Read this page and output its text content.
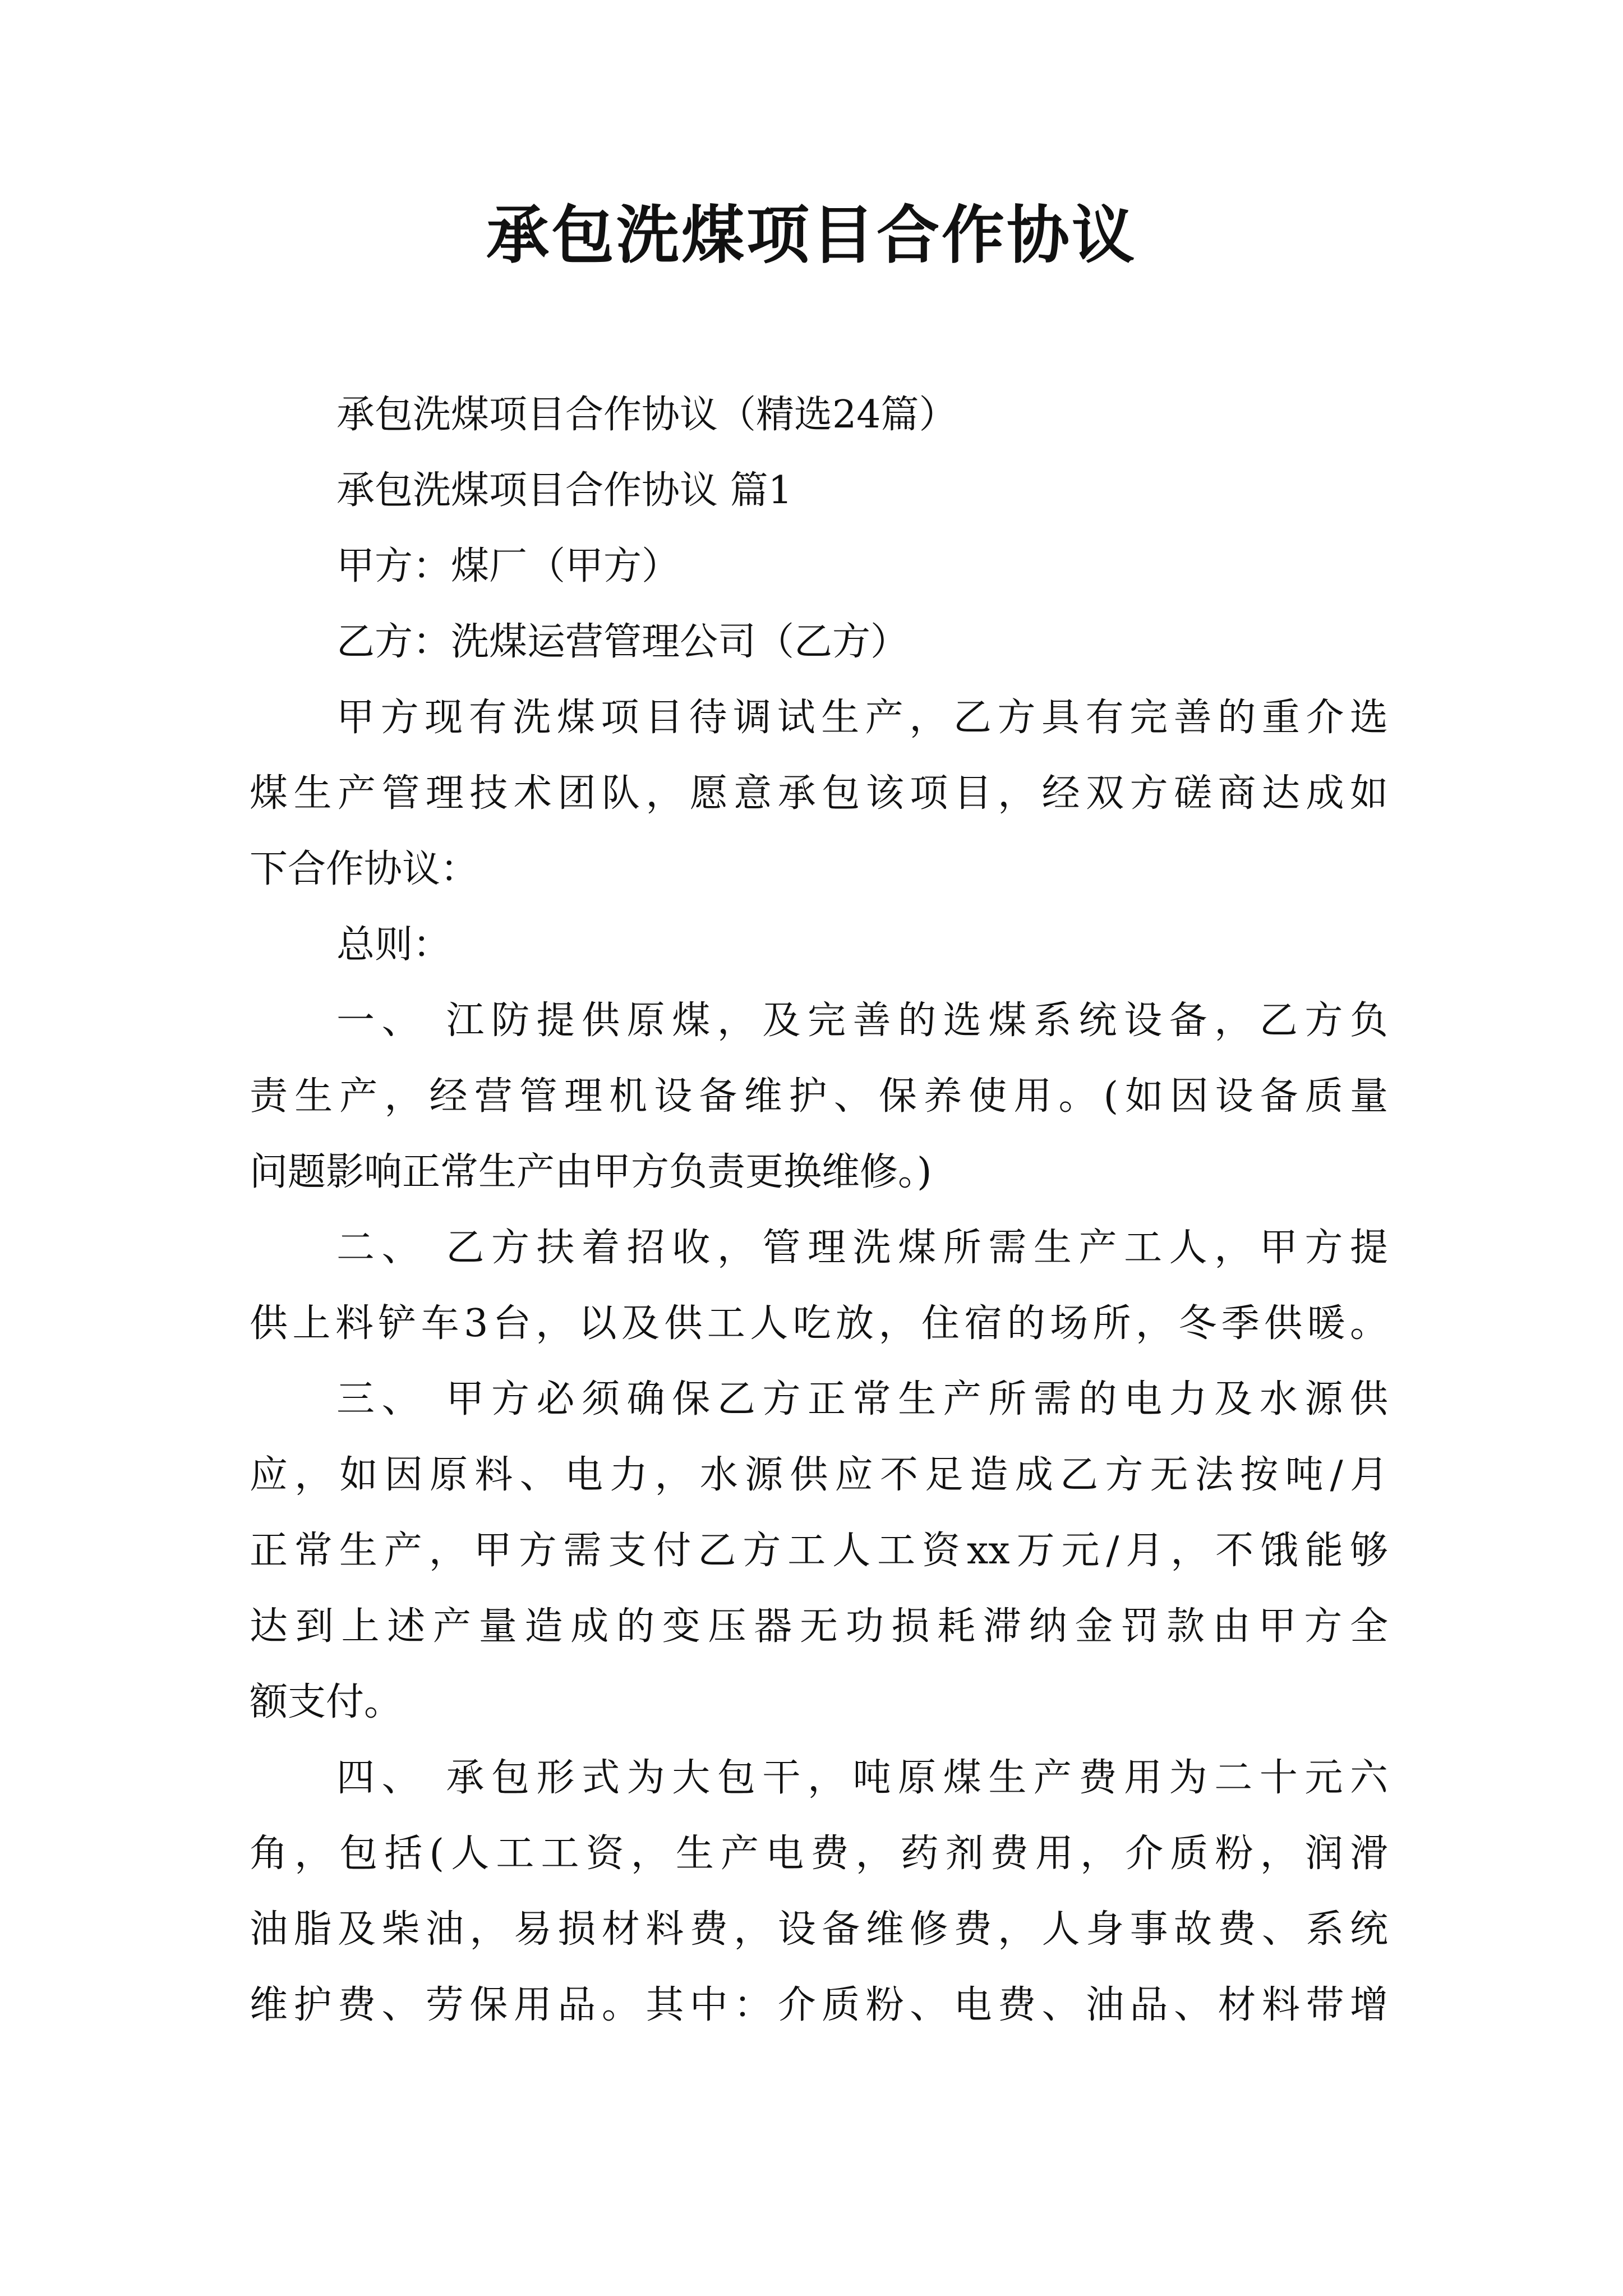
承包洗煤项目合作协议
承包洗煤项目合作协议（精选24篇）
承包洗煤项目合作协议 篇1
甲方：煤厂（甲方）
乙方：洗煤运营管理公司（乙方）
甲方现有洗煤项目待调试生产，乙方具有完善的重介选
煤生产管理技术团队，愿意承包该项目，经双方磋商达成如
下合作协议：
总则：
一、 江防提供原煤，及完善的选煤系统设备，乙方负
责生产，经营管理机设备维护、保养使用。(如因设备质量
问题影响正常生产由甲方负责更换维修。)
二、 乙方扶着招收，管理洗煤所需生产工人，甲方提
供上料铲车3台，以及供工人吃放，住宿的场所，冬季供暖。
三、 甲方必须确保乙方正常生产所需的电力及水源供
应，如因原料、电力，水源供应不足造成乙方无法按吨/月
正常生产，甲方需支付乙方工人工资xx万元/月，不饿能够
达到上述产量造成的变压器无功损耗滞纳金罚款由甲方全
额支付。
四、 承包形式为大包干，吨原煤生产费用为二十元六
角，包括(人工工资，生产电费，药剂费用，介质粉，润滑
油脂及柴油，易损材料费，设备维修费，人身事故费、系统
维护费、劳保用品。其中：介质粉、电费、油品、材料带增
